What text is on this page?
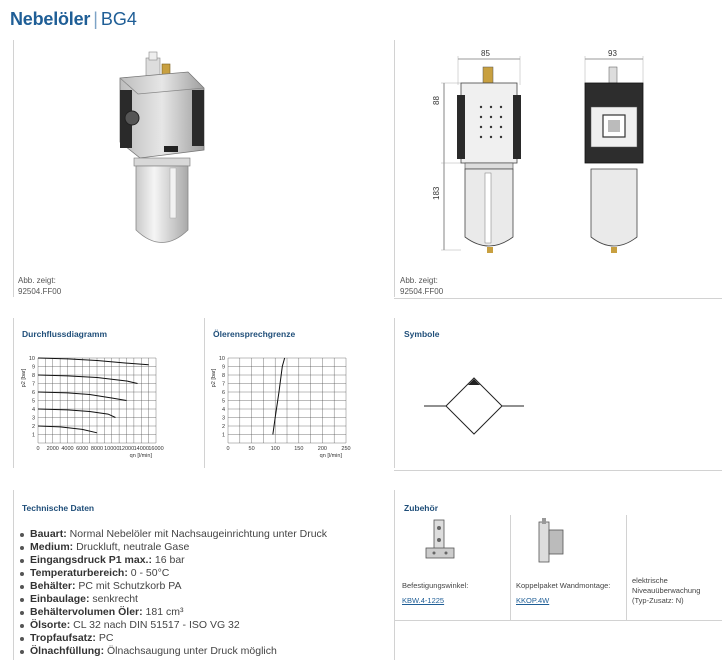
Nebelöler | BG4
Abb. zeigt:
92504.FF00
85
88
183
93
Abb. zeigt:
92504.FF00
Durchflussdiagramm	Ölerensprechgrenze	Symbole
1
2
3
4
5
6
7
8
9
10
0 2000 4000 6000 8000 10000 12000 14000 16000
p2 [bar]
qn [l/min]
1
2
3
4
5
6
7
8
9
10
0	50	100	150	200	250
p2 [bar]
qn [l/min]
Technische Daten
Bauart: Normal Nebelöler mit Nachsaugeinrichtung unter Druck
Medium: Druckluft, neutrale Gase
Eingangsdruck P1 max.: 16 bar
Temperaturbereich: 0 - 50°C
Behälter: PC mit Schutzkorb PA
Einbaulage: senkrecht
Behältervolumen Öler: 181 cm³
Ölsorte: CL 32 nach DIN 51517 - ISO VG 32
Tropfaufsatz: PC
Ölnachfüllung: Ölnachsaugung unter Druck möglich
Zubehör
Befestigungswinkel:
KBW.4-1225
Koppelpaket Wandmontage:
KKOP.4W
elektrische Niveauüberwachung (Typ-Zusatz: N)
